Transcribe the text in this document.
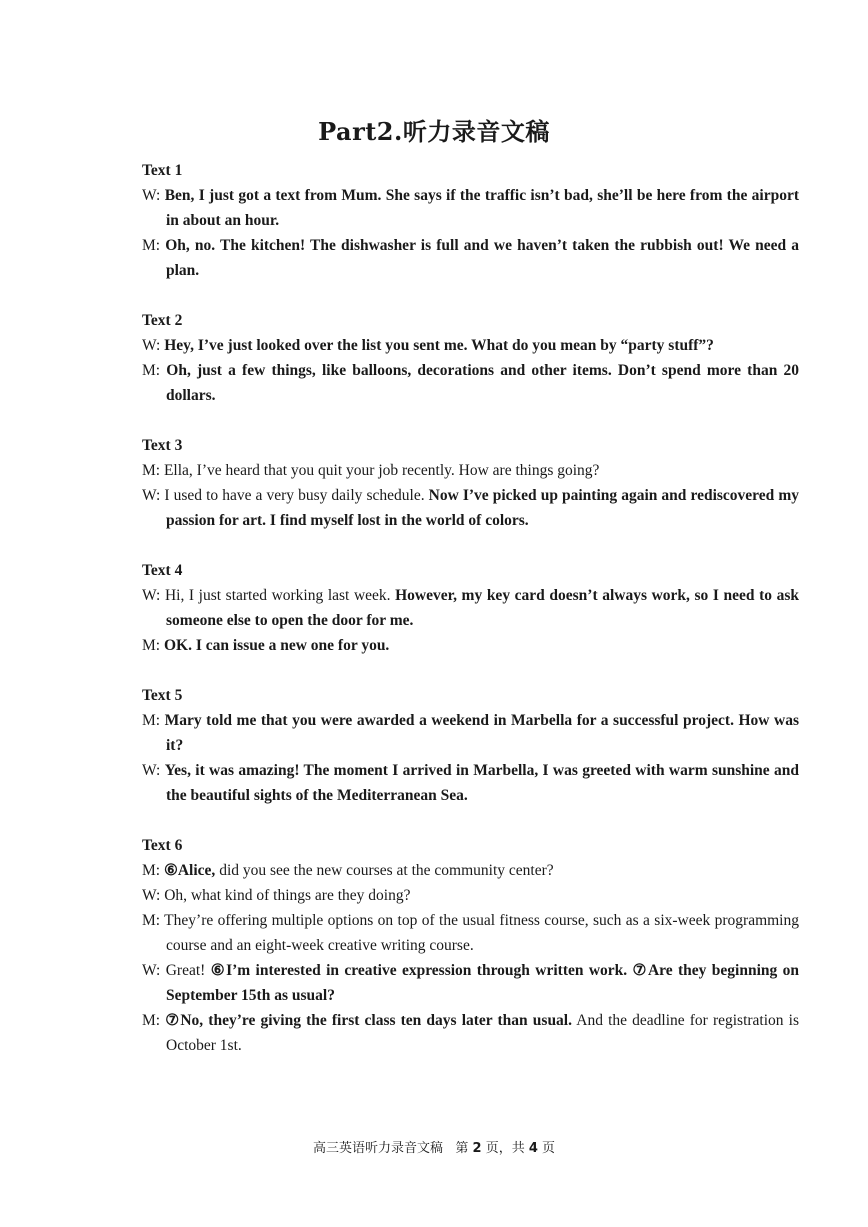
Part2.听力录音文稿
Text 1
W: Ben, I just got a text from Mum. She says if the traffic isn’t bad, she’ll be here from the airport in about an hour.
M: Oh, no. The kitchen! The dishwasher is full and we haven’t taken the rubbish out! We need a plan.
Text 2
W: Hey, I’ve just looked over the list you sent me. What do you mean by “party stuff”?
M: Oh, just a few things, like balloons, decorations and other items. Don’t spend more than 20 dollars.
Text 3
M: Ella, I’ve heard that you quit your job recently. How are things going?
W: I used to have a very busy daily schedule. Now I’ve picked up painting again and rediscovered my passion for art. I find myself lost in the world of colors.
Text 4
W: Hi, I just started working last week. However, my key card doesn’t always work, so I need to ask someone else to open the door for me.
M: OK. I can issue a new one for you.
Text 5
M: Mary told me that you were awarded a weekend in Marbella for a successful project. How was it?
W: Yes, it was amazing! The moment I arrived in Marbella, I was greeted with warm sunshine and the beautiful sights of the Mediterranean Sea.
Text 6
M: ⑥Alice, did you see the new courses at the community center?
W: Oh, what kind of things are they doing?
M: They’re offering multiple options on top of the usual fitness course, such as a six-week programming course and an eight-week creative writing course.
W: Great! ⑥I’m interested in creative expression through written work. ⑦Are they beginning on September 15th as usual?
M: ⑦No, they’re giving the first class ten days later than usual. And the deadline for registration is October 1st.
高三英语听力录音文稿 第 2 页，共 4 页
